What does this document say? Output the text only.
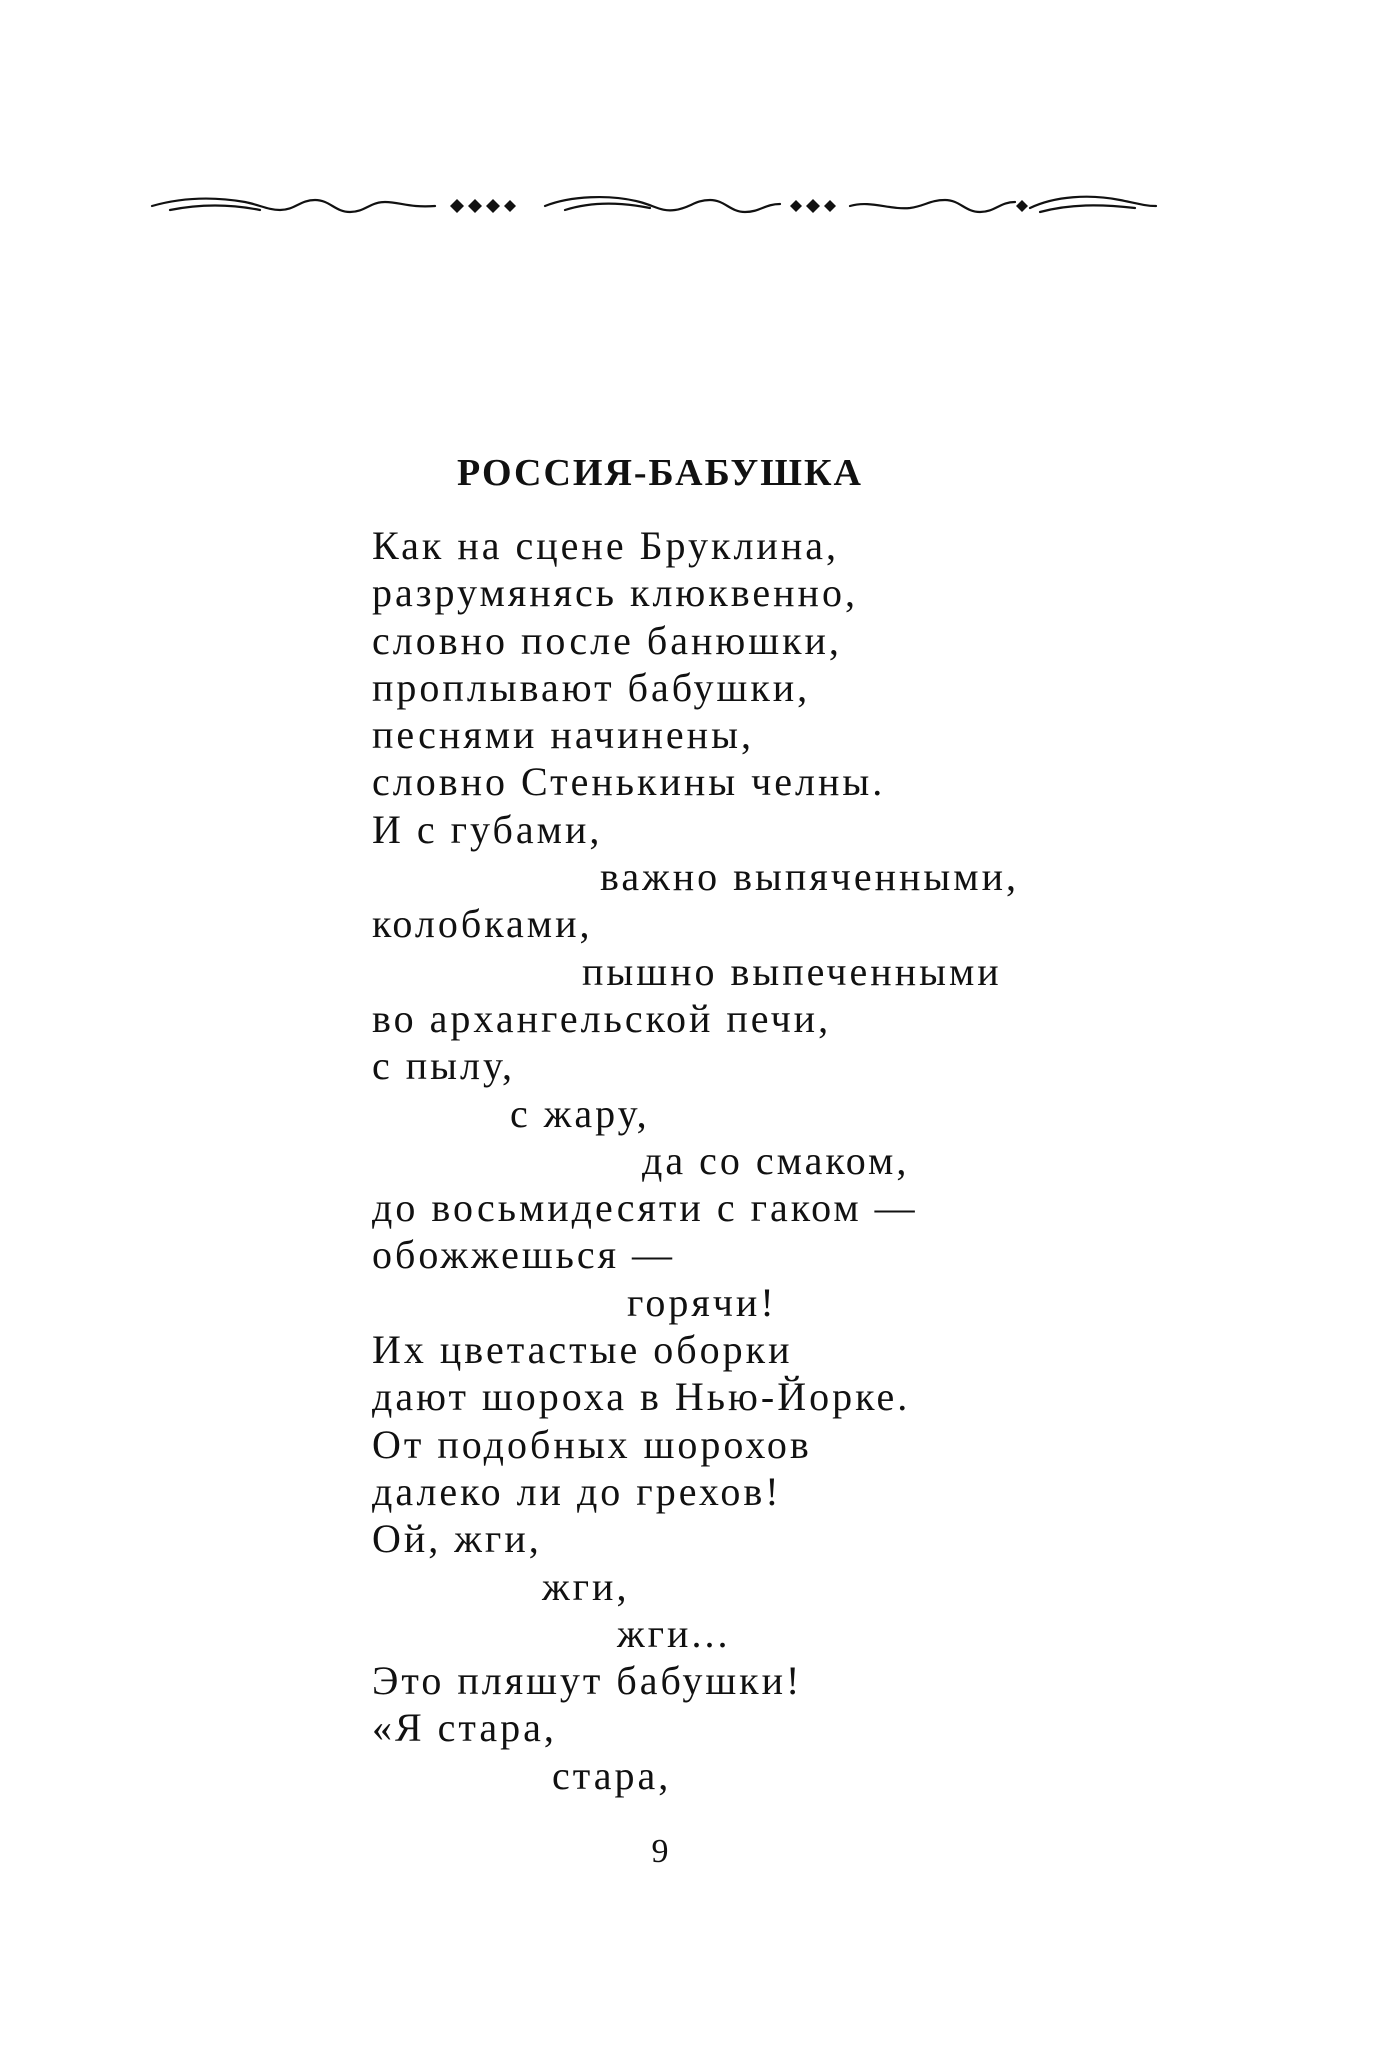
РОССИЯ-БАБУШКА
Как на сцене Бруклина,
разрумянясь клюквенно,
словно после банюшки,
проплывают бабушки,
песнями начинены,
словно Стенькины челны.
И с губами,
важно выпяченными,
колобками,
пышно выпеченными
во архангельской печи,
с пылу,
с жару,
да со смаком,
до восьмидесяти с гаком —
обожжешься —
горячи!
Их цветастые оборки
дают шороха в Нью-Йорке.
От подобных шорохов
далеко ли до грехов!
Ой, жги,
жги,
жги...
Это пляшут бабушки!
«Я стара,
стара,
9
